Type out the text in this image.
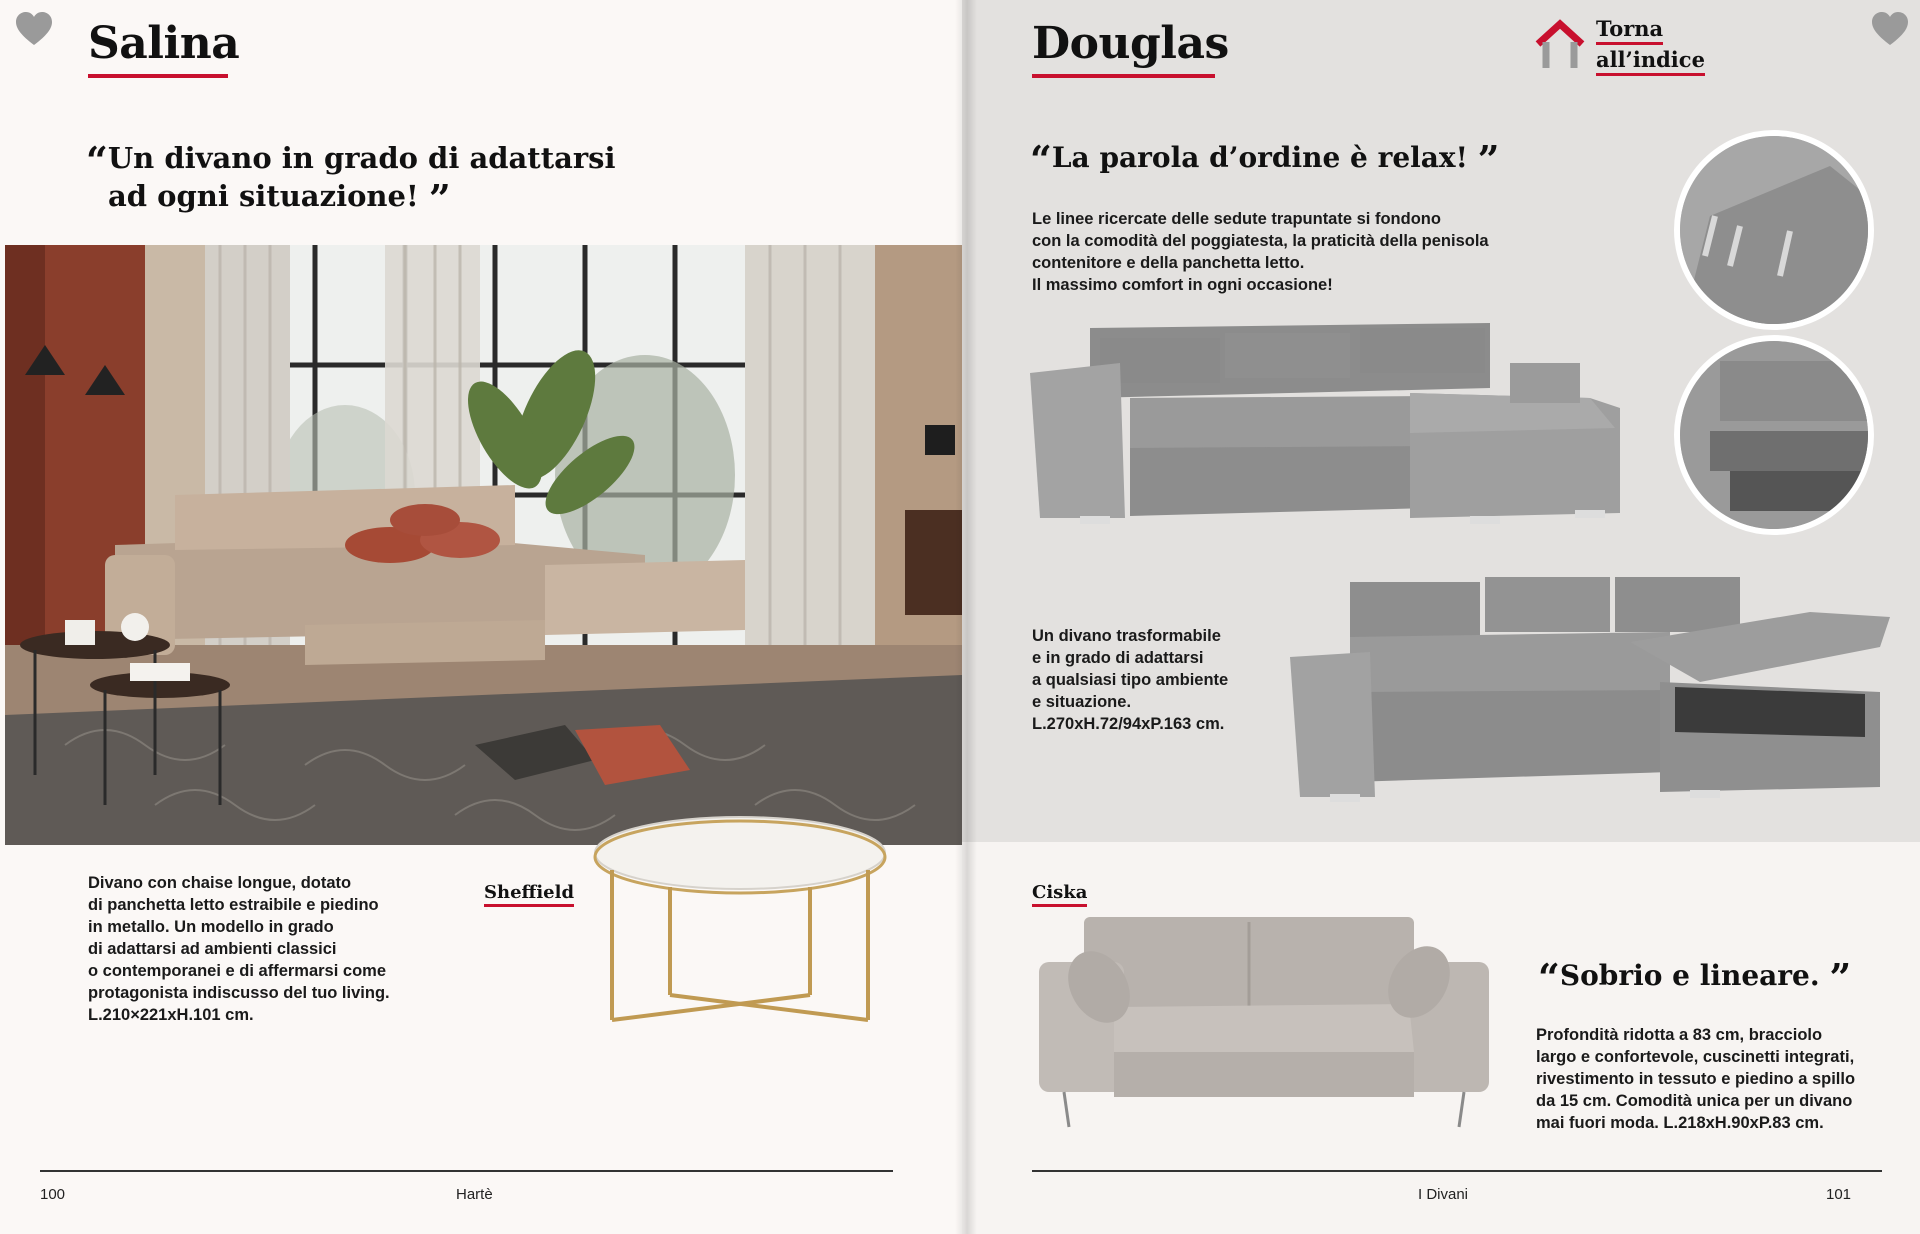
Salina
“Un divano in grado di adattarsi
ad ogni situazione! ”
Divano con chaise longue, dotato
di panchetta letto estraibile e piedino
in metallo. Un modello in grado
di adattarsi ad ambienti classici
o contemporanei e di affermarsi come
protagonista indiscusso del tuo living.
L.210×221xH.101 cm.
Sheffield
100	Hartè
Douglas	Torna
all’indice
“La parola d’ordine è relax! ”
Le linee ricercate delle sedute trapuntate si fondono
con la comodità del poggiatesta, la praticità della penisola
contenitore e della panchetta letto.
Il massimo comfort in ogni occasione!
Un divano trasformabile
e in grado di adattarsi
a qualsiasi tipo ambiente
e situazione.
L.270xH.72/94xP.163 cm.
Ciska
“Sobrio e lineare. ”
Profondità ridotta a 83 cm, bracciolo
largo e confortevole, cuscinetti integrati,
rivestimento in tessuto e piedino a spillo
da 15 cm. Comodità unica per un divano
mai fuori moda. L.218xH.90xP.83 cm.
I Divani	101
